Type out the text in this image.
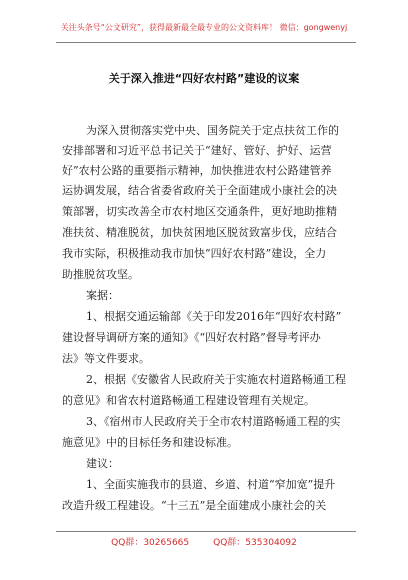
关注头条号“公文研究”，获得最新最全最专业的公文资料库！ 微信：gongwenyj
关于深入推进“四好农村路”建设的议案
为深入贯彻落实党中央、国务院关于定点扶贫工作的
安排部署和习近平总书记关于“建好、管好、护好、运营
好”农村公路的重要指示精神，加快推进农村公路建管养
运协调发展，结合省委省政府关于全面建成小康社会的决
策部署，切实改善全市农村地区交通条件，更好地助推精
准扶贫、精准脱贫，加快贫困地区脱贫致富步伐，应结合
我市实际，积极推动我市加快“四好农村路”建设，全力
助推脱贫攻坚。
案据：
1、根据交通运输部《关于印发2016年“四好农村路”
建设督导调研方案的通知》《“四好农村路”督导考评办
法》等文件要求。
2、根据《安徽省人民政府关于实施农村道路畅通工程
的意见》和省农村道路畅通工程建设管理有关规定。
3、《宿州市人民政府关于全市农村道路畅通工程的实
施意见》中的目标任务和建设标准。
建议：
1、全面实施我市的县道、乡道、村道“窄加宽”提升
改造升级工程建设。“十三五”是全面建成小康社会的关
QQ群：30265665	QQ群：535304092
